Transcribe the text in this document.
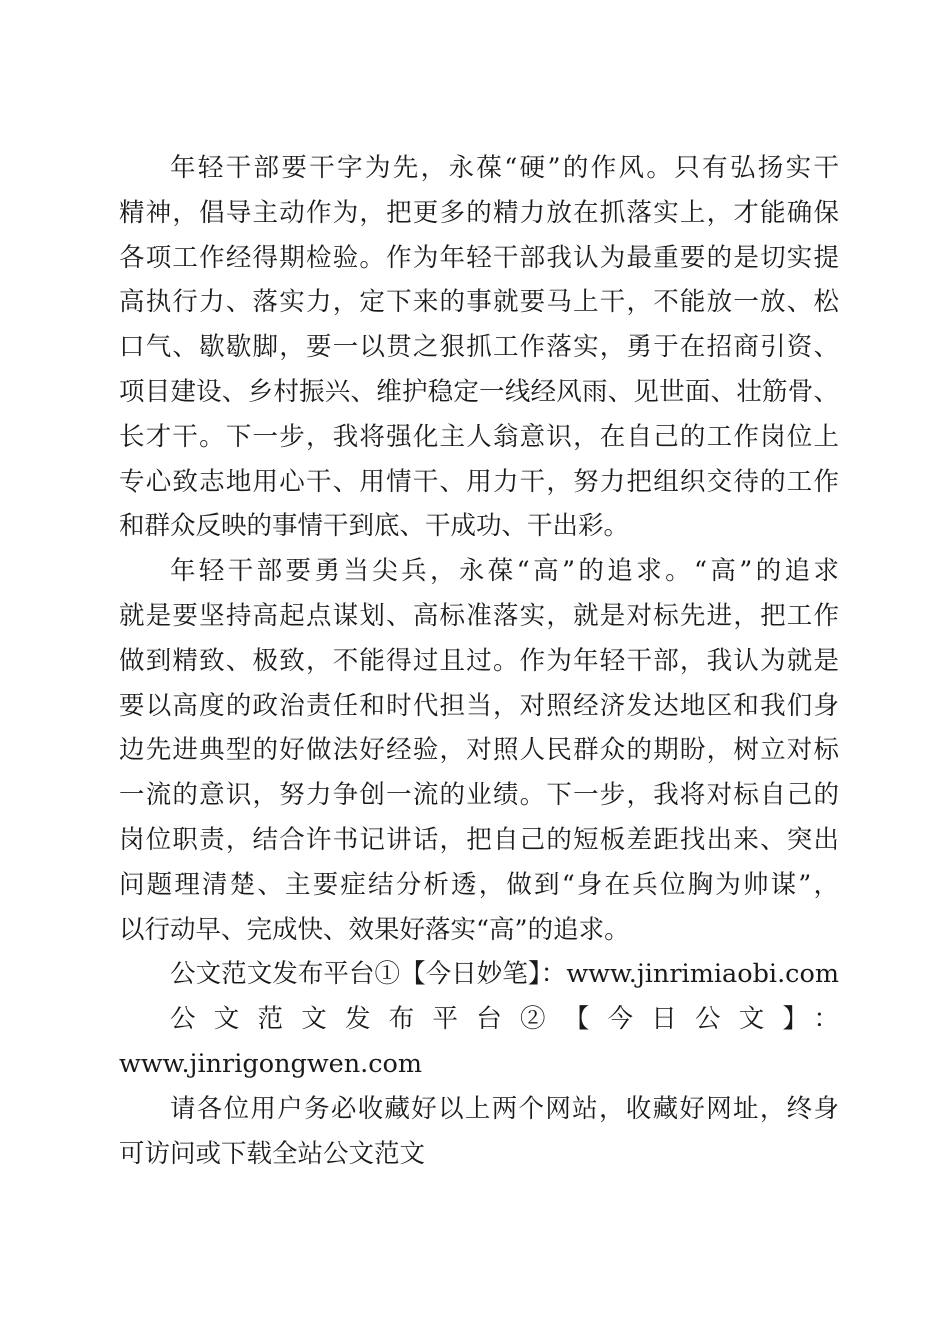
年轻干部要干字为先，永葆“硬”的作风。只有弘扬实干
精神，倡导主动作为，把更多的精力放在抓落实上，才能确保
各项工作经得期检验。作为年轻干部我认为最重要的是切实提
高执行力、落实力，定下来的事就要马上干，不能放一放、松
口气、歇歇脚，要一以贯之狠抓工作落实，勇于在招商引资、
项目建设、乡村振兴、维护稳定一线经风雨、见世面、壮筋骨、
长才干。下一步，我将强化主人翁意识，在自己的工作岗位上
专心致志地用心干、用情干、用力干，努力把组织交待的工作
和群众反映的事情干到底、干成功、干出彩。
年轻干部要勇当尖兵，永葆“高”的追求。“高”的追求
就是要坚持高起点谋划、高标准落实，就是对标先进，把工作
做到精致、极致，不能得过且过。作为年轻干部，我认为就是
要以高度的政治责任和时代担当，对照经济发达地区和我们身
边先进典型的好做法好经验，对照人民群众的期盼，树立对标
一流的意识，努力争创一流的业绩。下一步，我将对标自己的
岗位职责，结合许书记讲话，把自己的短板差距找出来、突出
问题理清楚、主要症结分析透，做到“身在兵位胸为帅谋”，
以行动早、完成快、效果好落实“高”的追求。
公文范文发布平台①【今日妙笔】：www.jinrimiaobi.com
公文范文发布平台②【今日公文】：
www.jinrigongwen.com
请各位用户务必收藏好以上两个网站，收藏好网址，终身
可访问或下载全站公文范文
